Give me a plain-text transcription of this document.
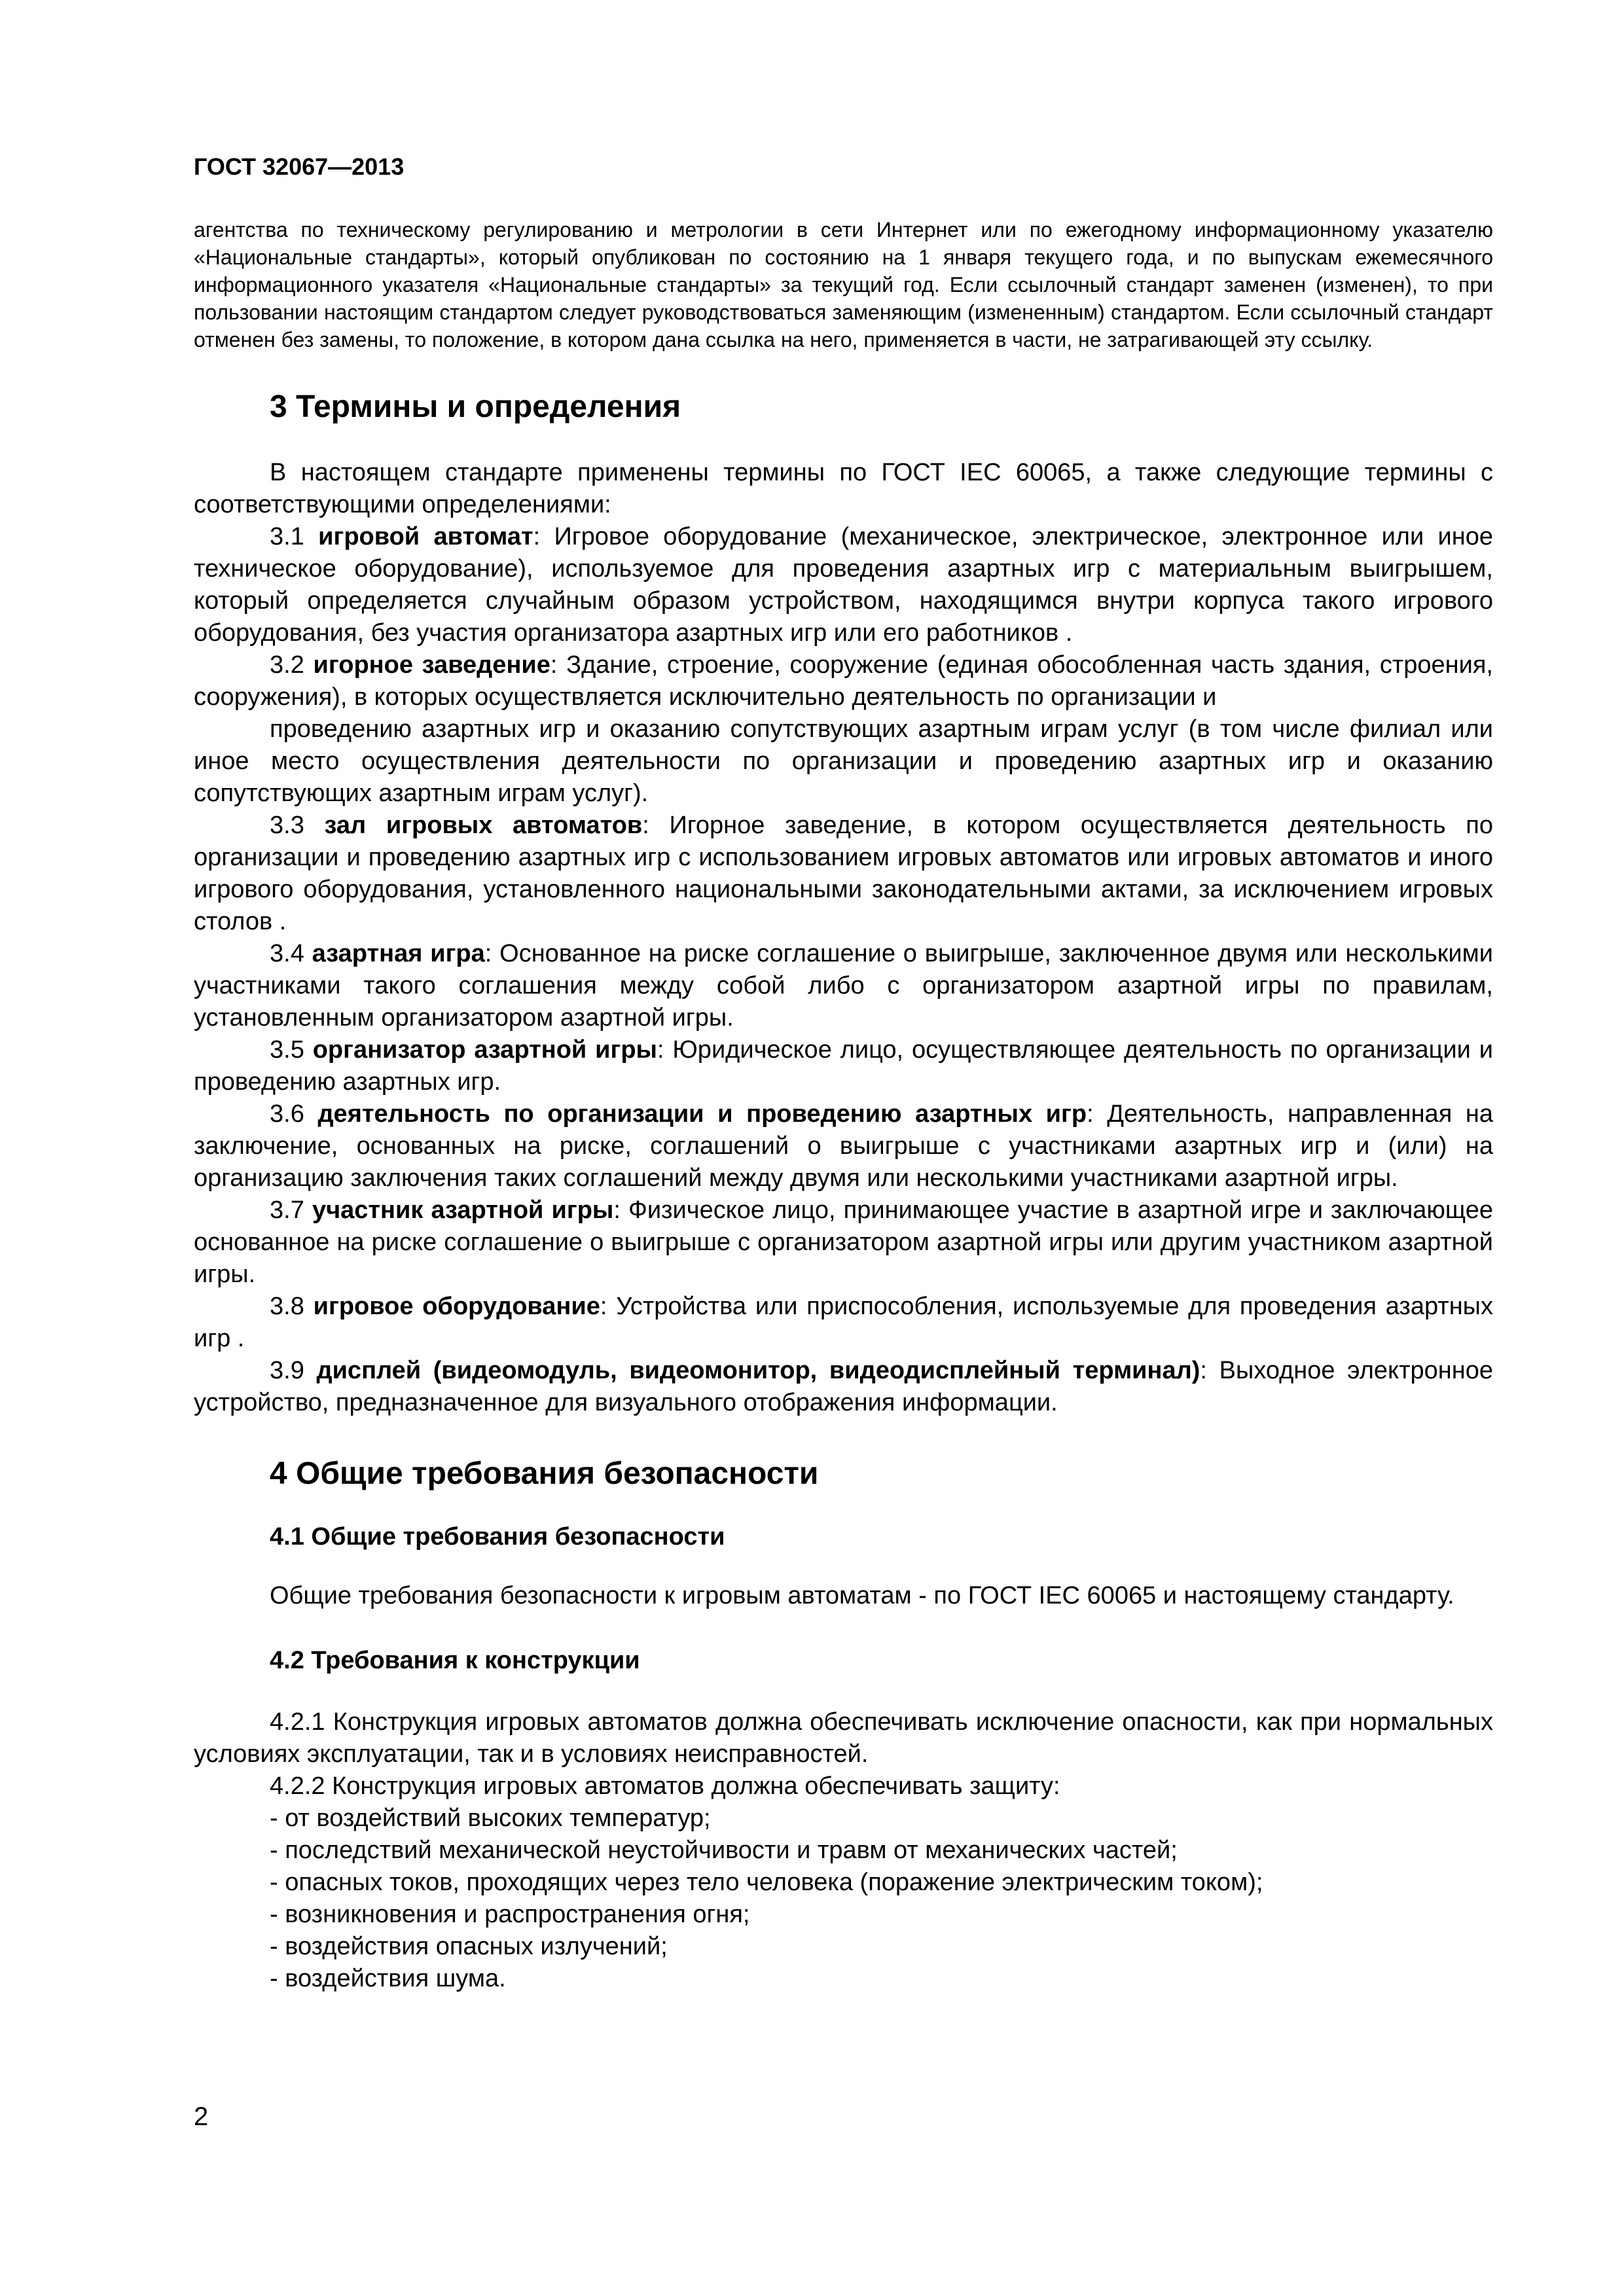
ГОСТ 32067—2013

агентства по техническому регулированию и метрологии в сети Интернет или по ежегодному информационному указателю «Национальные стандарты», который опубликован по состоянию на 1 января текущего года, и по выпускам ежемесячного информационного указателя «Национальные стандарты» за текущий год. Если ссылочный стандарт заменен (изменен), то при пользовании настоящим стандартом следует руководствоваться заменяющим (измененным) стандартом. Если ссылочный стандарт отменен без замены, то положение, в котором дана ссылка на него, применяется в части, не затрагивающей эту ссылку.

3 Термины и определения

В настоящем стандарте применены термины по ГОСТ IEC 60065, а также следующие термины с соответствующими определениями:

3.1 игровой автомат: Игровое оборудование (механическое, электрическое, электронное или иное техническое оборудование), используемое для проведения азартных игр с материальным выигрышем, который определяется случайным образом устройством, находящимся внутри корпуса такого игрового оборудования, без участия организатора азартных игр или его работников .

3.2 игорное заведение: Здание, строение, сооружение (единая обособленная часть здания, строения, сооружения), в которых осуществляется исключительно деятельность по организации и

проведению азартных игр и оказанию сопутствующих азартным играм услуг (в том числе филиал или иное место осуществления деятельности по организации и проведению азартных игр и оказанию сопутствующих азартным играм услуг).

3.3 зал игровых автоматов: Игорное заведение, в котором осуществляется деятельность по организации и проведению азартных игр с использованием игровых автоматов или игровых автоматов и иного игрового оборудования, установленного национальными законодательными актами, за исключением игровых столов .

3.4 азартная игра: Основанное на риске соглашение о выигрыше, заключенное двумя или несколькими участниками такого соглашения между собой либо с организатором азартной игры по правилам, установленным организатором азартной игры.

3.5 организатор азартной игры: Юридическое лицо, осуществляющее деятельность по организации и проведению азартных игр.

3.6 деятельность по организации и проведению азартных игр: Деятельность, направленная на заключение, основанных на риске, соглашений о выигрыше с участниками азартных игр и (или) на организацию заключения таких соглашений между двумя или несколькими участниками азартной игры.

3.7 участник азартной игры: Физическое лицо, принимающее участие в азартной игре и заключающее основанное на риске соглашение о выигрыше с организатором азартной игры или другим участником азартной игры.

3.8 игровое оборудование: Устройства или приспособления, используемые для проведения азартных игр .

3.9 дисплей (видеомодуль, видеомонитор, видеодисплейный терминал): Выходное электронное устройство, предназначенное для визуального отображения информации.

4 Общие требования безопасности
4.1 Общие требования безопасности

Общие требования безопасности к игровым автоматам - по ГОСТ IEC 60065 и настоящему стандарту.

4.2 Требования к конструкции

4.2.1 Конструкция игровых автоматов должна обеспечивать исключение опасности, как при нормальных условиях эксплуатации, так и в условиях неисправностей.

4.2.2 Конструкция игровых автоматов должна обеспечивать защиту:

- от воздействий высоких температур;
- последствий механической неустойчивости и травм от механических частей;
- опасных токов, проходящих через тело человека (поражение электрическим током);
- возникновения и распространения огня;
- воздействия опасных излучений;
- воздействия шума.
2
